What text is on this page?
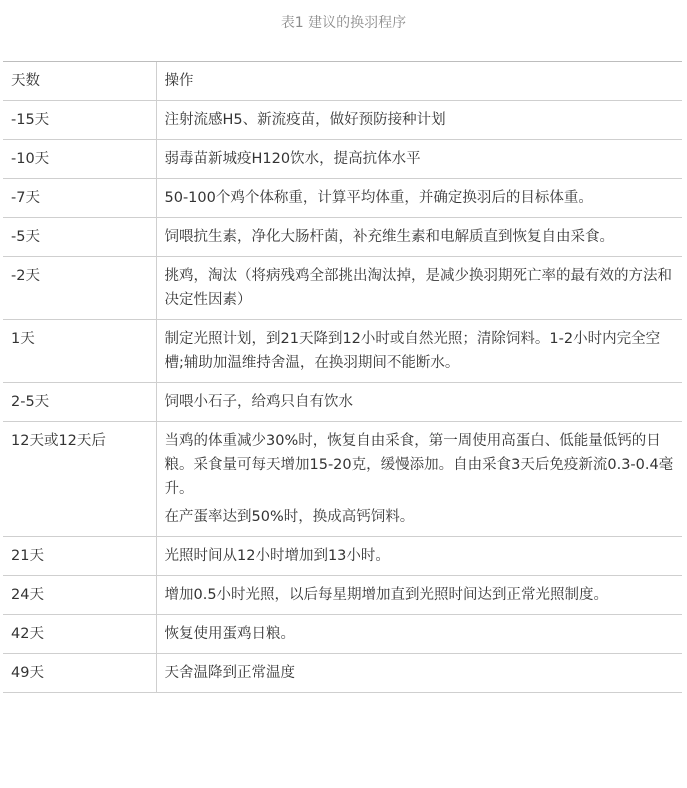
表1 建议的换羽程序
天数	操作
-15天	注射流感H5、新流疫苗，做好预防接种计划

-10天	弱毒苗新城疫H120饮水，提高抗体水平

-7天	50-100个鸡个体称重，计算平均体重，并确定换羽后的目标体重。

-5天	饲喂抗生素，净化大肠杆菌，补充维生素和电解质直到恢复自由采食。

-2天	挑鸡，淘汰（将病残鸡全部挑出淘汰掉，是减少换羽期死亡率的最有效的方法和决定性因素）

1天	制定光照计划，到21天降到12小时或自然光照；清除饲料。1-2小时内完全空槽;辅助加温维持舍温，在换羽期间不能断水。

2-5天	饲喂小石子，给鸡只自有饮水

12天或12天后	当鸡的体重减少30%时，恢复自由采食，第一周使用高蛋白、低能量低钙的日粮。采食量可每天增加15-20克，缓慢添加。自由采食3天后免疫新流0.3-0.4毫升。
在产蛋率达到50%时，换成高钙饲料。

21天	光照时间从12小时增加到13小时。

24天	增加0.5小时光照，以后每星期增加直到光照时间达到正常光照制度。

42天	恢复使用蛋鸡日粮。

49天	天舍温降到正常温度
